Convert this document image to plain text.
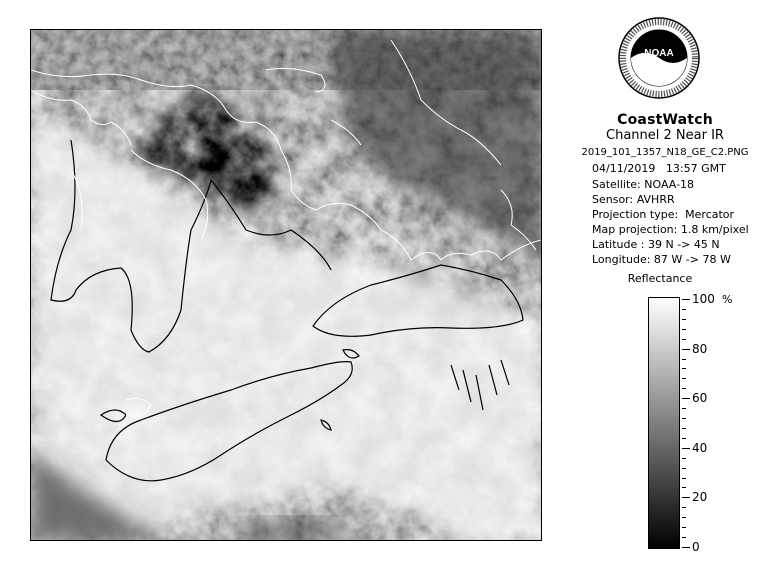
NOAA
CoastWatch
Channel 2 Near IR
2019_101_1357_N18_GE_C2.PNG
04/11/2019   13:57 GMT
Satellite: NOAA-18
Sensor: AVHRR
Projection type:  Mercator
Map projection: 1.8 km/pixel
Latitude : 39 N -> 45 N
Longitude: 87 W -> 78 W
Reflectance
%
100
80
60
40
20
0
